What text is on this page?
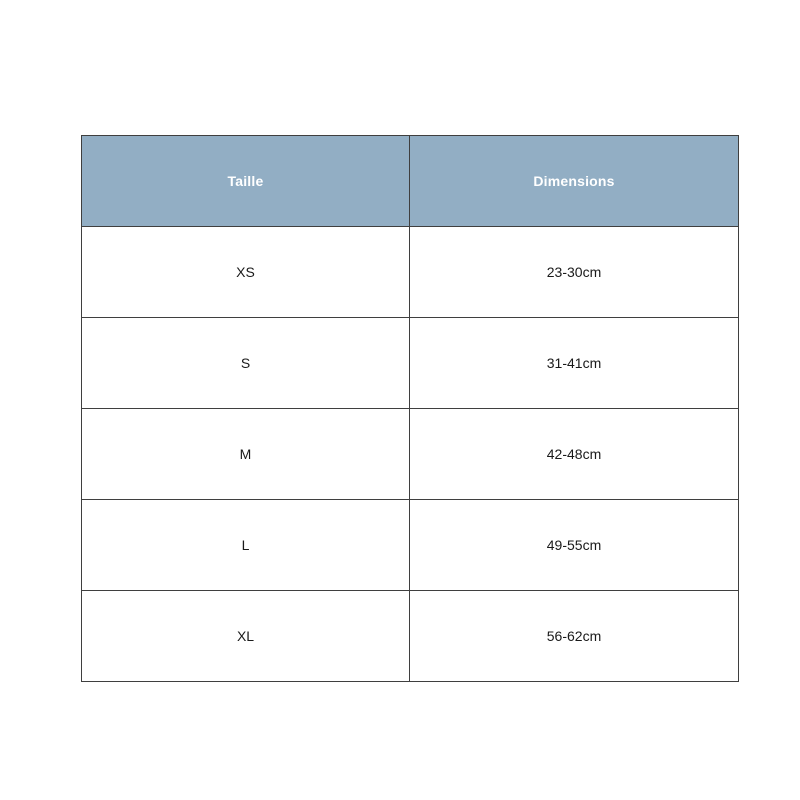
Taille	Dimensions
XS	23-30cm
S	31-41cm
M	42-48cm
L	49-55cm
XL	56-62cm
